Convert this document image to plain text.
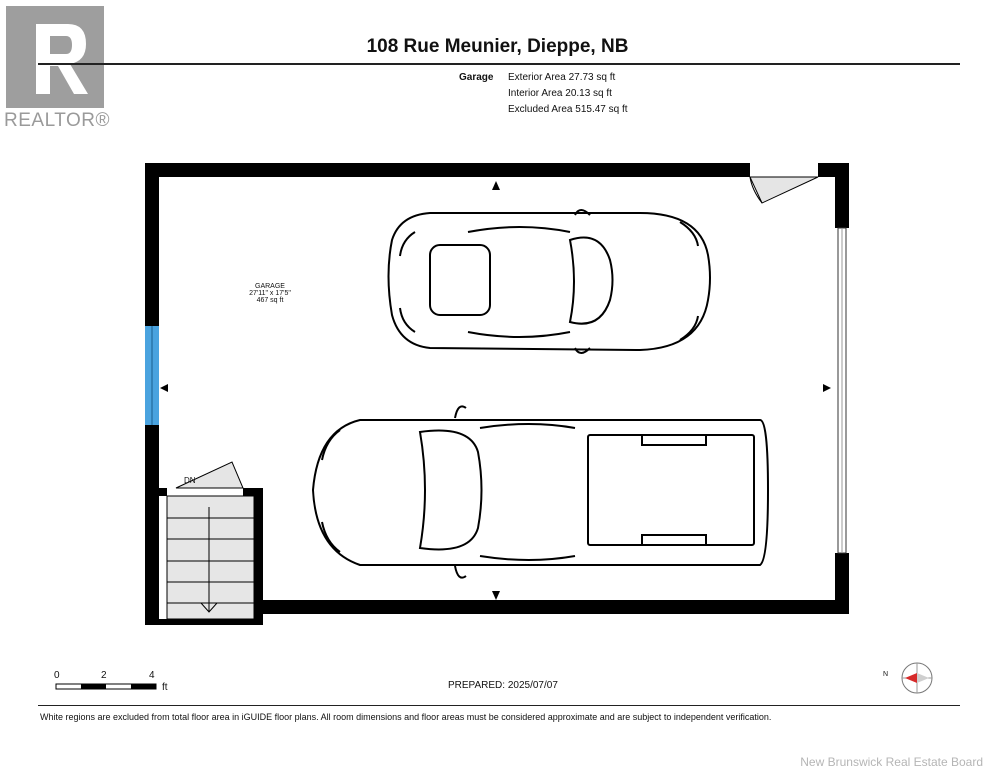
REALTOR®
108 Rue Meunier, Dieppe, NB
Garage Exterior Area 27.73 sq ft
Interior Area 20.13 sq ft
Excluded Area 515.47 sq ft
GARAGE
27'11" x 17'5"
467 sq ft
DN
0	2	4
ft	PREPARED: 2025/07/07
N
White regions are excluded from total floor area in iGUIDE floor plans. All room dimensions and floor areas must be considered approximate and are subject to independent verification.
New Brunswick Real Estate Board
